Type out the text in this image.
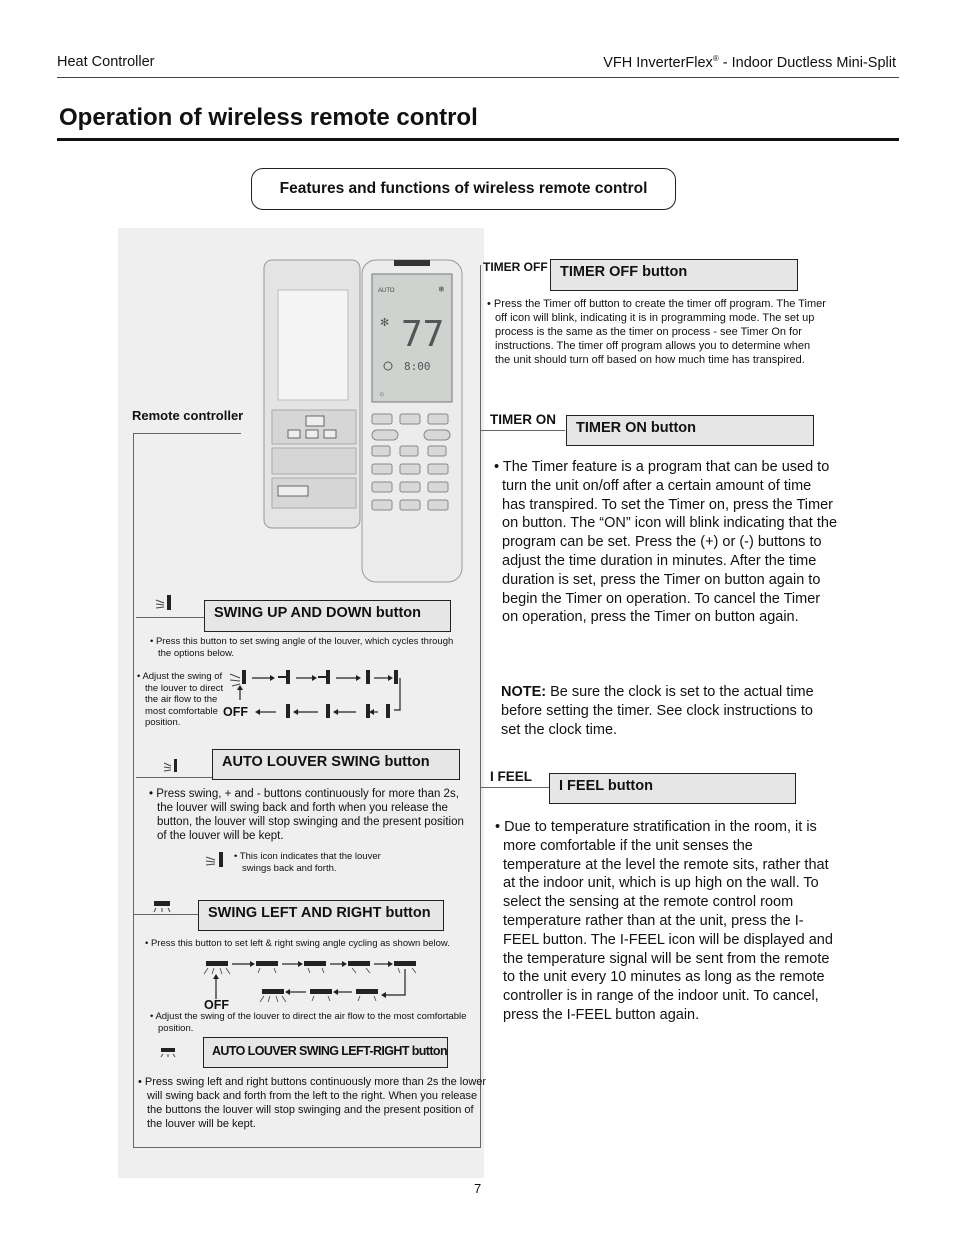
Heat Controller	VFH InverterFlex® - Indoor Ductless Mini-Split
Operation of wireless remote control
Features and functions of wireless remote control
AUTO	❄
✻ 77
8:00
☼
Remote controller
TIMER OFF TIMER OFF button
• Press the Timer off button to create the timer off program. The Timer off icon will blink, indicating it is in programming mode. The set up process is the same as the timer on process - see Timer On for instructions. The timer off program allows you to determine when the unit should turn off based on how much time has transpired.
TIMER ON
TIMER ON button
• The Timer feature is a program that can be used to turn the unit on/off after a certain amount of time has transpired. To set the Timer on, press the Timer on button. The “ON” icon will blink indicating that the program can be set. Press the (+) or (-) buttons to adjust the time duration in minutes. After the time duration is set, press the Timer on button again to begin the Timer on operation. To cancel the Timer on operation, press the Timer on button again.
NOTE: Be sure the clock is set to the actual time before setting the timer. See clock instructions to set the clock time.
I FEEL
I FEEL button
• Due to temperature stratification in the room, it is more comfortable if the unit senses the temperature at the level the remote sits, rather that at the indoor unit, which is up high on the wall. To select the sensing at the remote control room temperature rather than at the unit, press the I-FEEL button. The I-FEEL icon will be displayed and the temperature signal will be sent from the remote to the unit every 10 minutes as long as the remote controller is in range of the indoor unit. To cancel, press the I-FEEL button again.
SWING UP AND DOWN button
• Press this button to set swing angle of the louver, which cycles through the options below.
• Adjust the swing of the louver to direct the air flow to the most comfortable position.
OFF
AUTO LOUVER SWING button
• Press swing, + and - buttons continuously for more than 2s, the louver will swing back and forth when you release the button, the louver will stop swinging and the present position of the louver will be kept.
• This icon indicates that the louver swings back and forth.
SWING LEFT AND RIGHT button
• Press this button to set left & right swing angle cycling as shown below.
OFF
• Adjust the swing of the louver to direct the air flow to the most comfortable position.
AUTO LOUVER SWING LEFT-RIGHT button
• Press swing left and right buttons continuously more than 2s the lower will swing back and forth from the left to the right. When you release the buttons the louver will stop swinging and the present position of the louver will be kept.
7
